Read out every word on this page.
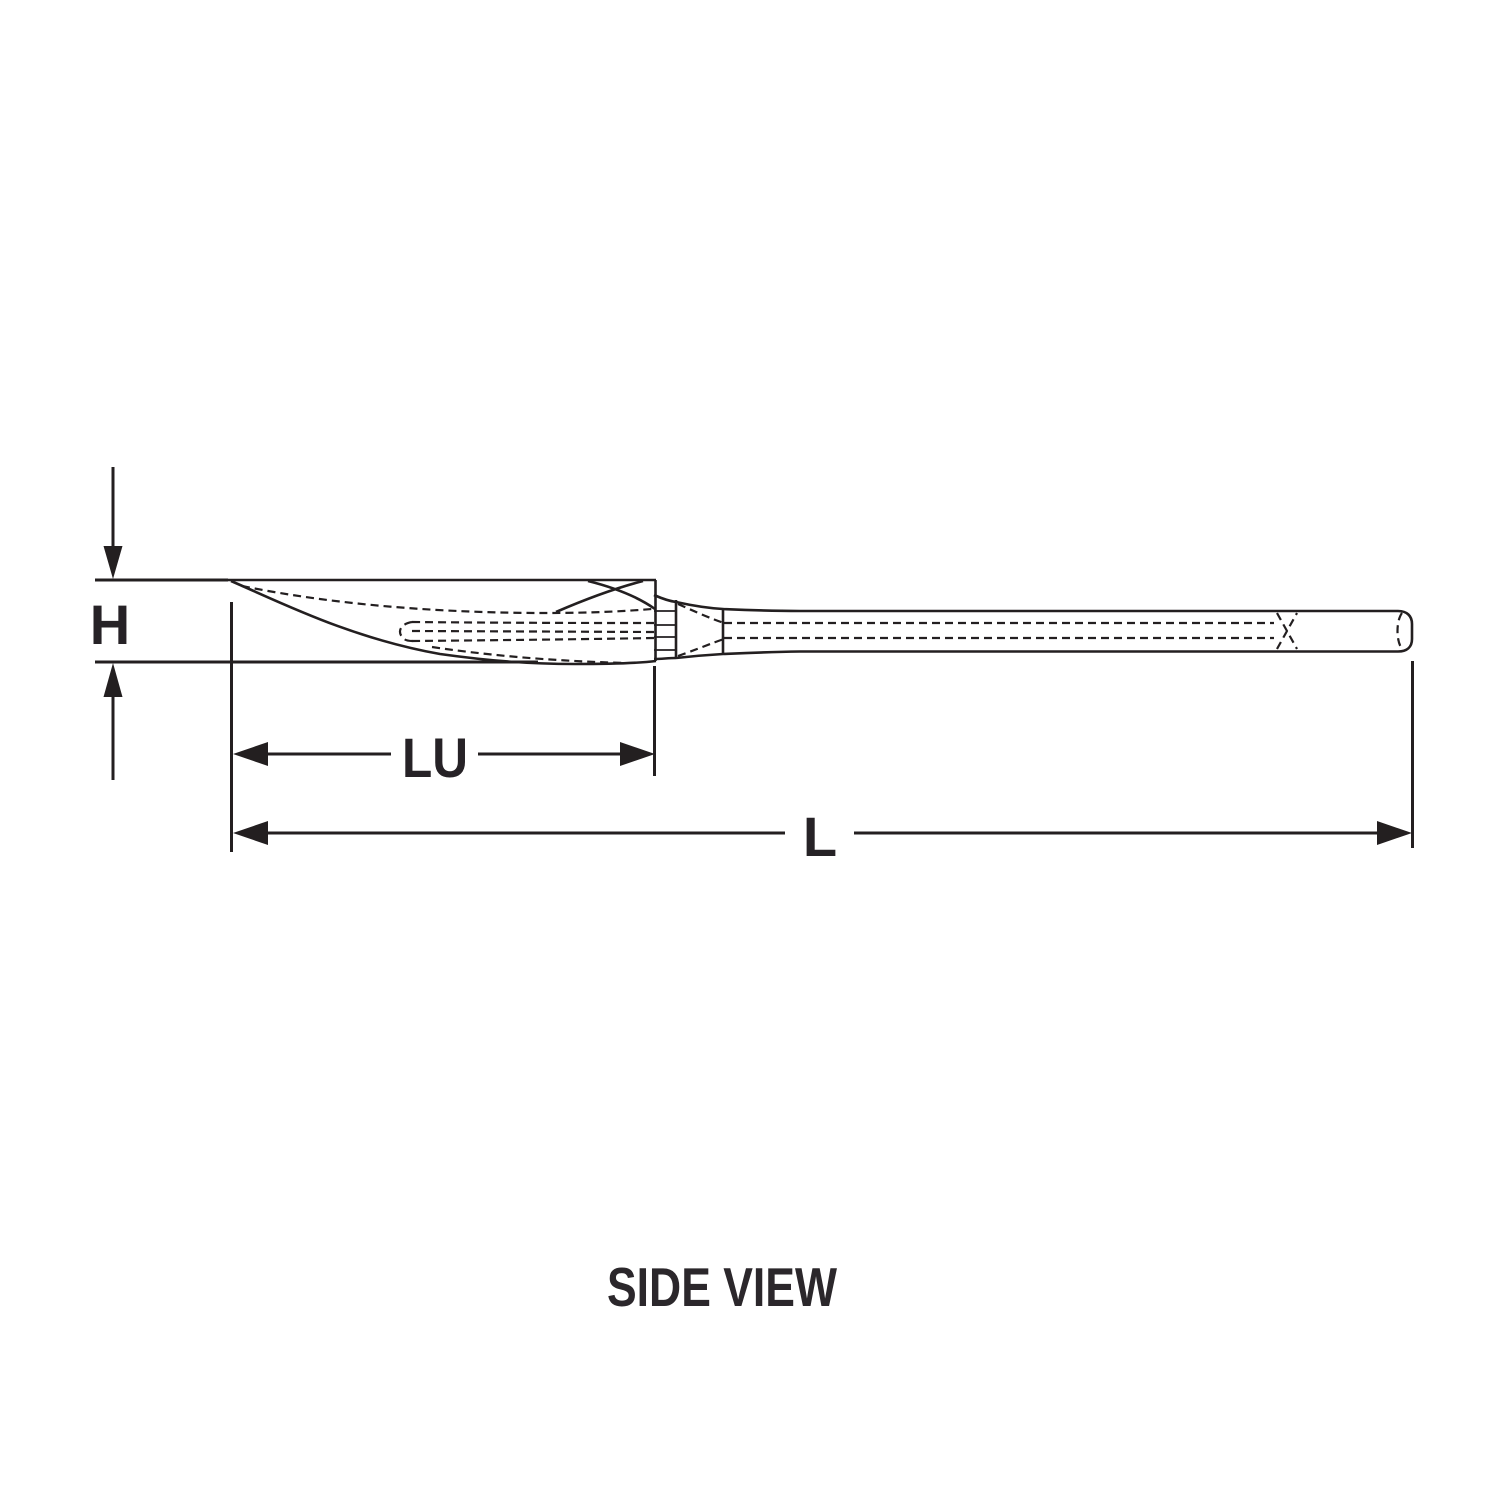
H
LU
L
SIDE VIEW
